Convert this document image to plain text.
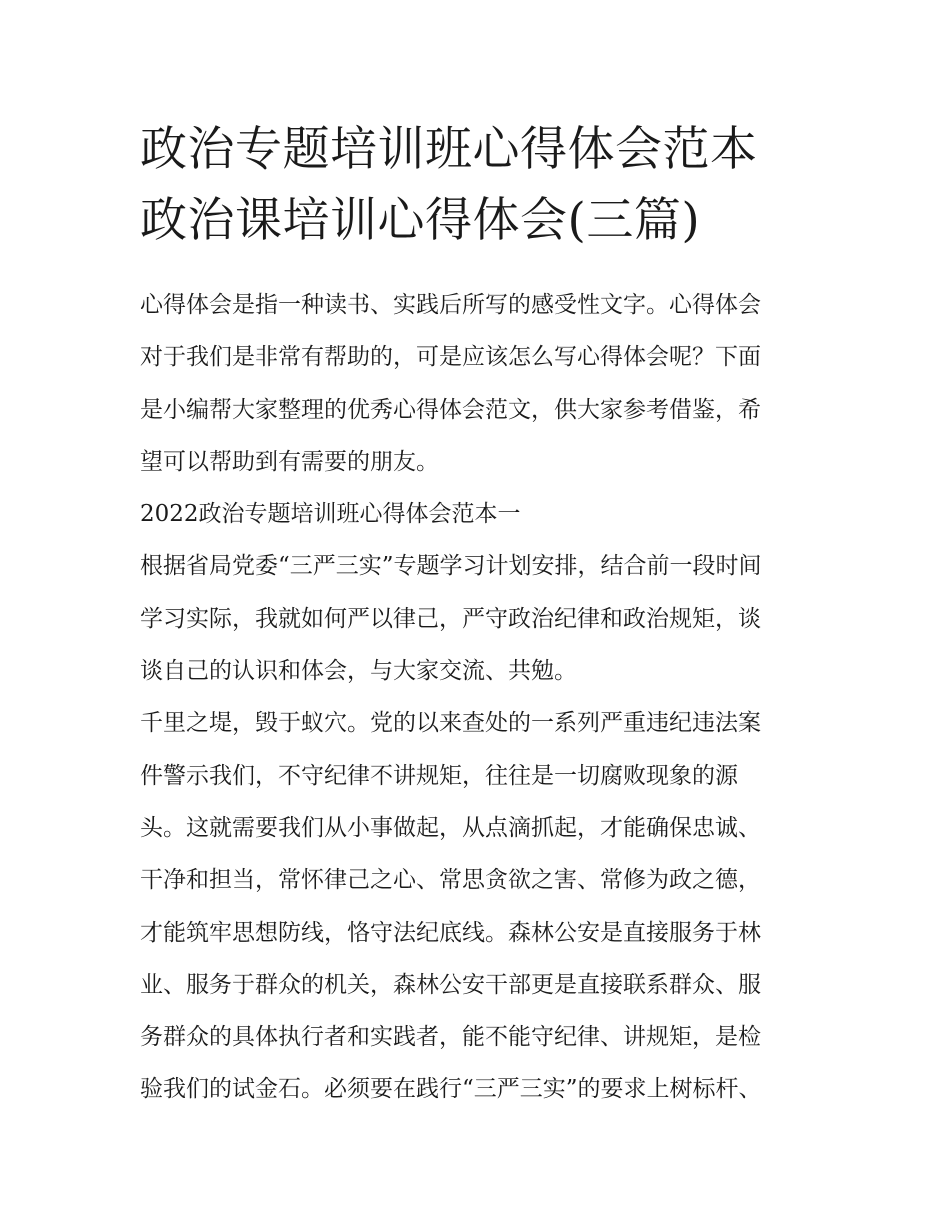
政治专题培训班心得体会范本
政治课培训心得体会(三篇)
心得体会是指一种读书、实践后所写的感受性文字。心得体会
对于我们是非常有帮助的，可是应该怎么写心得体会呢？下面
是小编帮大家整理的优秀心得体会范文，供大家参考借鉴，希
望可以帮助到有需要的朋友。
2022政治专题培训班心得体会范本一
根据省局党委“三严三实”专题学习计划安排，结合前一段时间
学习实际，我就如何严以律己，严守政治纪律和政治规矩，谈
谈自己的认识和体会，与大家交流、共勉。
千里之堤，毁于蚁穴。党的以来查处的一系列严重违纪违法案
件警示我们，不守纪律不讲规矩，往往是一切腐败现象的源
头。这就需要我们从小事做起，从点滴抓起，才能确保忠诚、
干净和担当，常怀律己之心、常思贪欲之害、常修为政之德，
才能筑牢思想防线，恪守法纪底线。森林公安是直接服务于林
业、服务于群众的机关，森林公安干部更是直接联系群众、服
务群众的具体执行者和实践者，能不能守纪律、讲规矩，是检
验我们的试金石。必须要在践行“三严三实”的要求上树标杆、
